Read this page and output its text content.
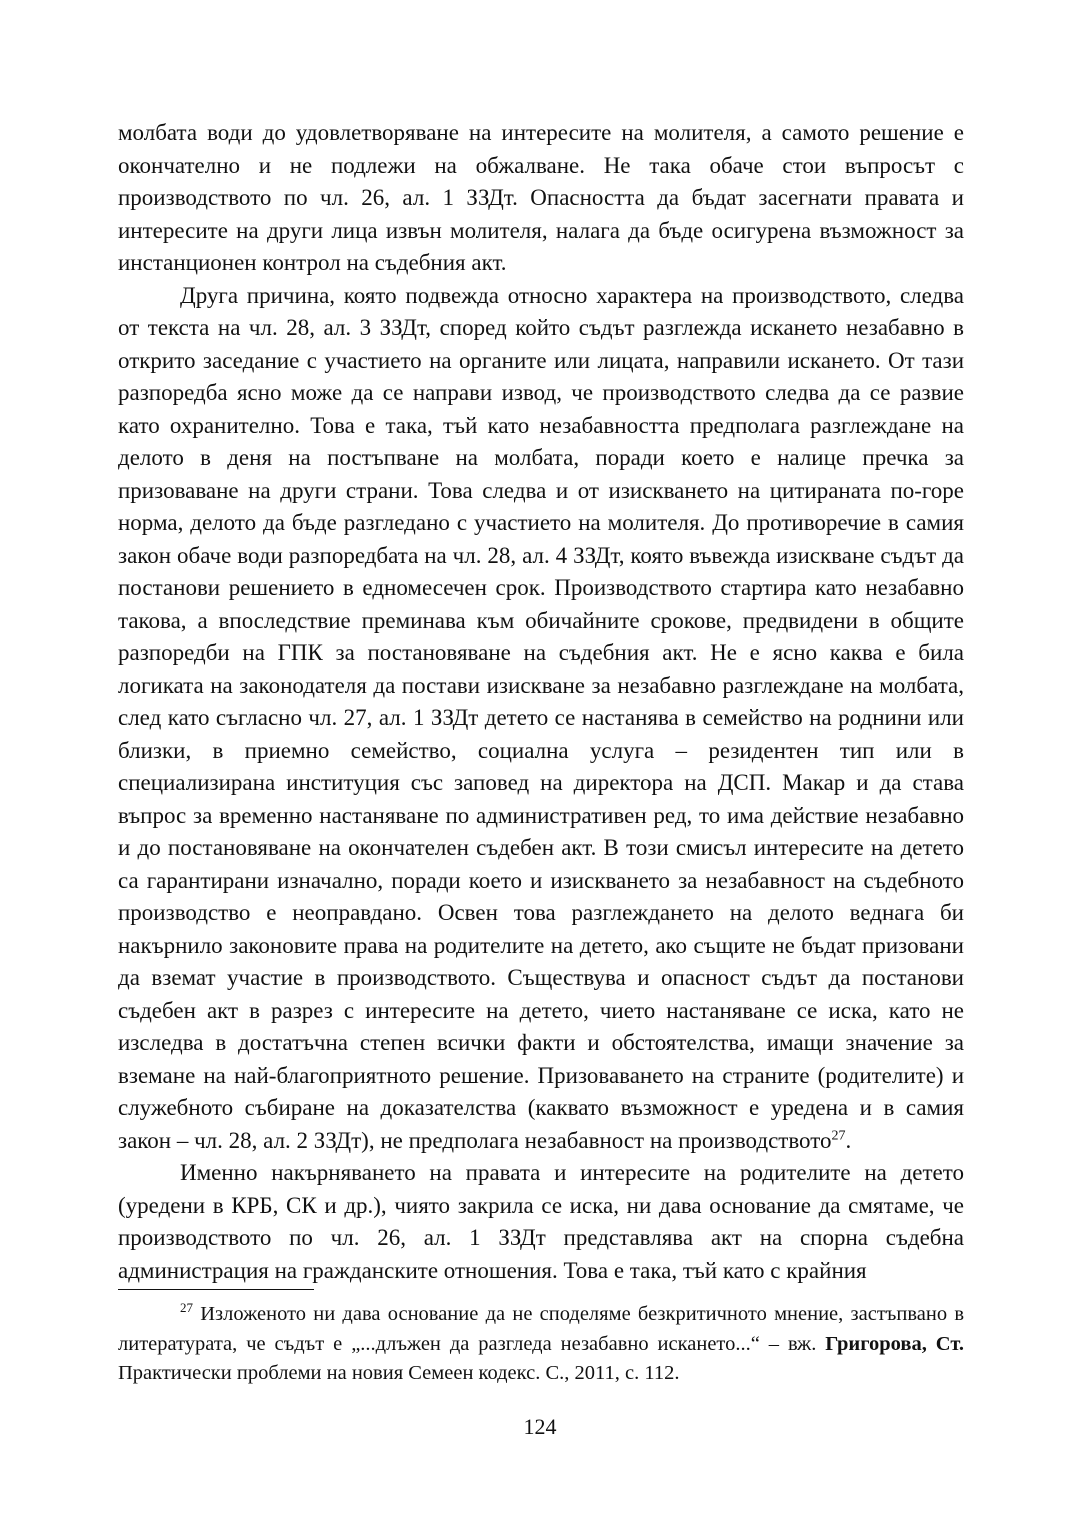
молбата води до удовлетворяване на интересите на молителя, а самото решение е окончателно и не подлежи на обжалване. Не така обаче стои въпросът с производството по чл. 26, ал. 1 ЗЗДт. Опасността да бъдат засегнати правата и интересите на други лица извън молителя, налага да бъде осигурена възможност за инстанционен контрол на съдебния акт.

Друга причина, която подвежда относно характера на производството, следва от текста на чл. 28, ал. 3 ЗЗДт, според който съдът разглежда искането незабавно в открито заседание с участието на органите или лицата, направили искането. От тази разпоредба ясно може да се направи извод, че производството следва да се развие като охранително. Това е така, тъй като незабавността предполага разглеждане на делото в деня на постъпване на молбата, поради което е налице пречка за призоваване на други страни. Това следва и от изискването на цитираната по-горе норма, делото да бъде разгледано с участието на молителя. До противоречие в самия закон обаче води разпоредбата на чл. 28, ал. 4 ЗЗДт, която въвежда изискване съдът да постанови решението в едномесечен срок. Производството стартира като незабавно такова, а впоследствие преминава към обичайните срокове, предвидени в общите разпоредби на ГПК за постановяване на съдебния акт. Не е ясно каква е била логиката на законодателя да постави изискване за незабавно разглеждане на молбата, след като съгласно чл. 27, ал. 1 ЗЗДт детето се настанява в семейство на роднини или близки, в приемно семейство, социална услуга – резидентен тип или в специализирана институция със заповед на директора на ДСП. Макар и да става въпрос за временно настаняване по административен ред, то има действие незабавно и до постановяване на окончателен съдебен акт. В този смисъл интересите на детето са гарантирани изначално, поради което и изискването за незабавност на съдебното производство е неоправдано. Освен това разглеждането на делото веднага би накърнило законовите права на родителите на детето, ако същите не бъдат призовани да вземат участие в производството. Съществува и опасност съдът да постанови съдебен акт в разрез с интересите на детето, чието настаняване се иска, като не изследва в достатъчна степен всички факти и обстоятелства, имащи значение за вземане на най-благоприятното решение. Призоваването на страните (родителите) и служебното събиране на доказателства (каквато възможност е уредена и в самия закон – чл. 28, ал. 2 ЗЗДт), не предполага незабавност на производството$^{27}$.

Именно накърняването на правата и интересите на родителите на детето (уредени в КРБ, СК и др.), чиято закрила се иска, ни дава основание да смятаме, че производството по чл. 26, ал. 1 ЗЗДт представлява акт на спорна съдебна администрация на гражданските отношения. Това е така, тъй като с крайния

$^{27}$ Изложеното ни дава основание да не споделяме безкритичното мнение, застъпвано в литературата, че съдът е „...длъжен да разгледа незабавно искането...“ – вж. Григорова, Ст. Практически проблеми на новия Семеен кодекс. С., 2011, с. 112.

124
